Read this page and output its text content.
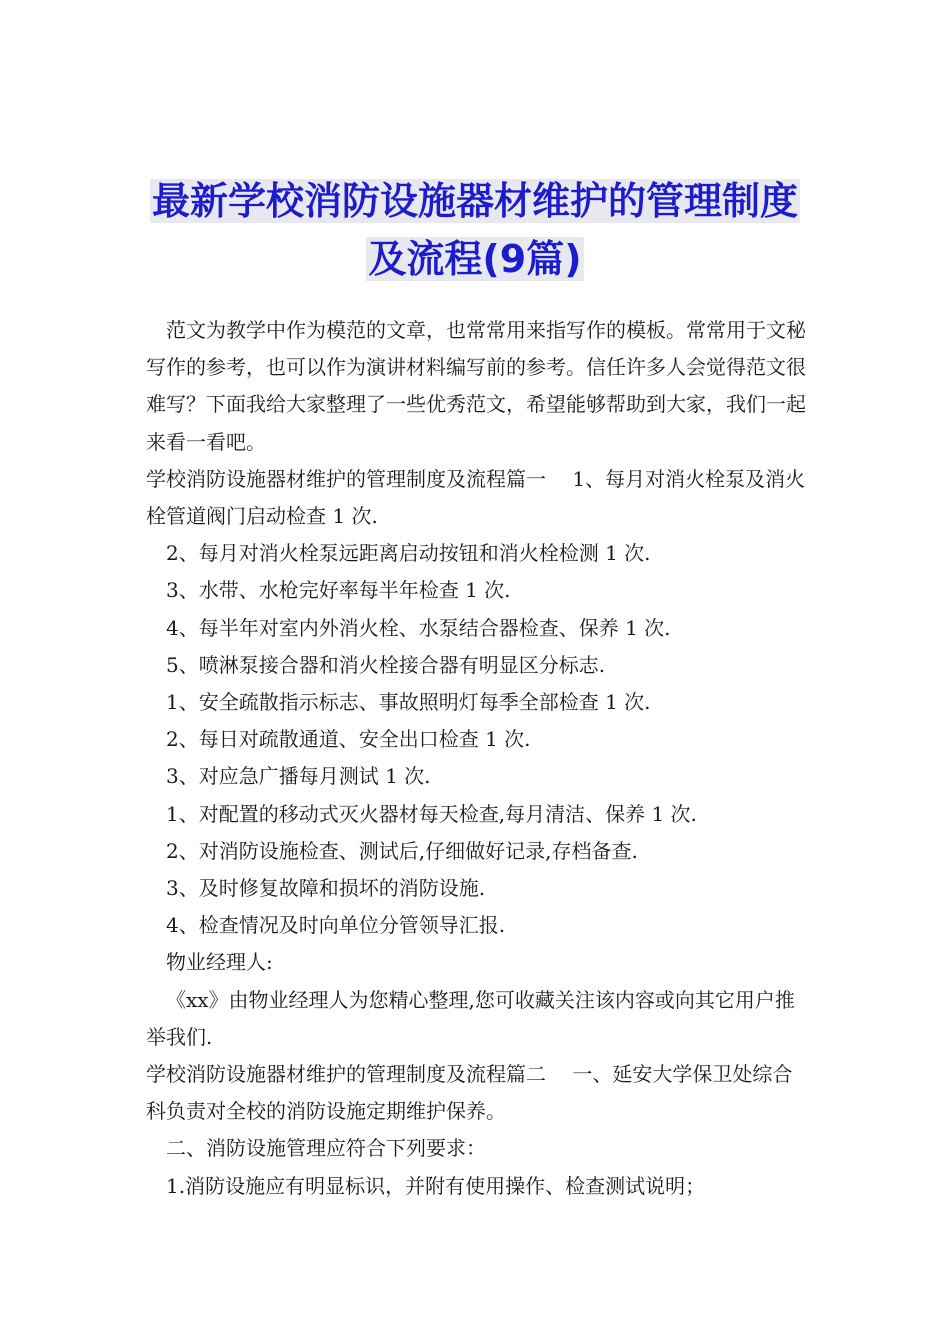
最新学校消防设施器材维护的管理制度
及流程(9篇)

范文为教学中作为模范的文章，也常常用来指写作的模板。常常用于文秘写作的参考，也可以作为演讲材料编写前的参考。信任许多人会觉得范文很难写？下面我给大家整理了一些优秀范文，希望能够帮助到大家，我们一起来看一看吧。

学校消防设施器材维护的管理制度及流程篇一　 1、每月对消火栓泵及消火栓管道阀门启动检查 1 次.

2、每月对消火栓泵远距离启动按钮和消火栓检测 1 次.

3、水带、水枪完好率每半年检查 1 次.

4、每半年对室内外消火栓、水泵结合器检查、保养 1 次.

5、喷淋泵接合器和消火栓接合器有明显区分标志.

1、安全疏散指示标志、事故照明灯每季全部检查 1 次.

2、每日对疏散通道、安全出口检查 1 次.

3、对应急广播每月测试 1 次.

1、对配置的移动式灭火器材每天检查,每月清洁、保养 1 次.

2、对消防设施检查、测试后,仔细做好记录,存档备查.

3、及时修复故障和损坏的消防设施.

4、检查情况及时向单位分管领导汇报.

物业经理人:

《xx》由物业经理人为您精心整理,您可收藏关注该内容或向其它用户推举我们.

学校消防设施器材维护的管理制度及流程篇二　 一、延安大学保卫处综合科负责对全校的消防设施定期维护保养。

二、消防设施管理应符合下列要求：

1.消防设施应有明显标识，并附有使用操作、检查测试说明；
